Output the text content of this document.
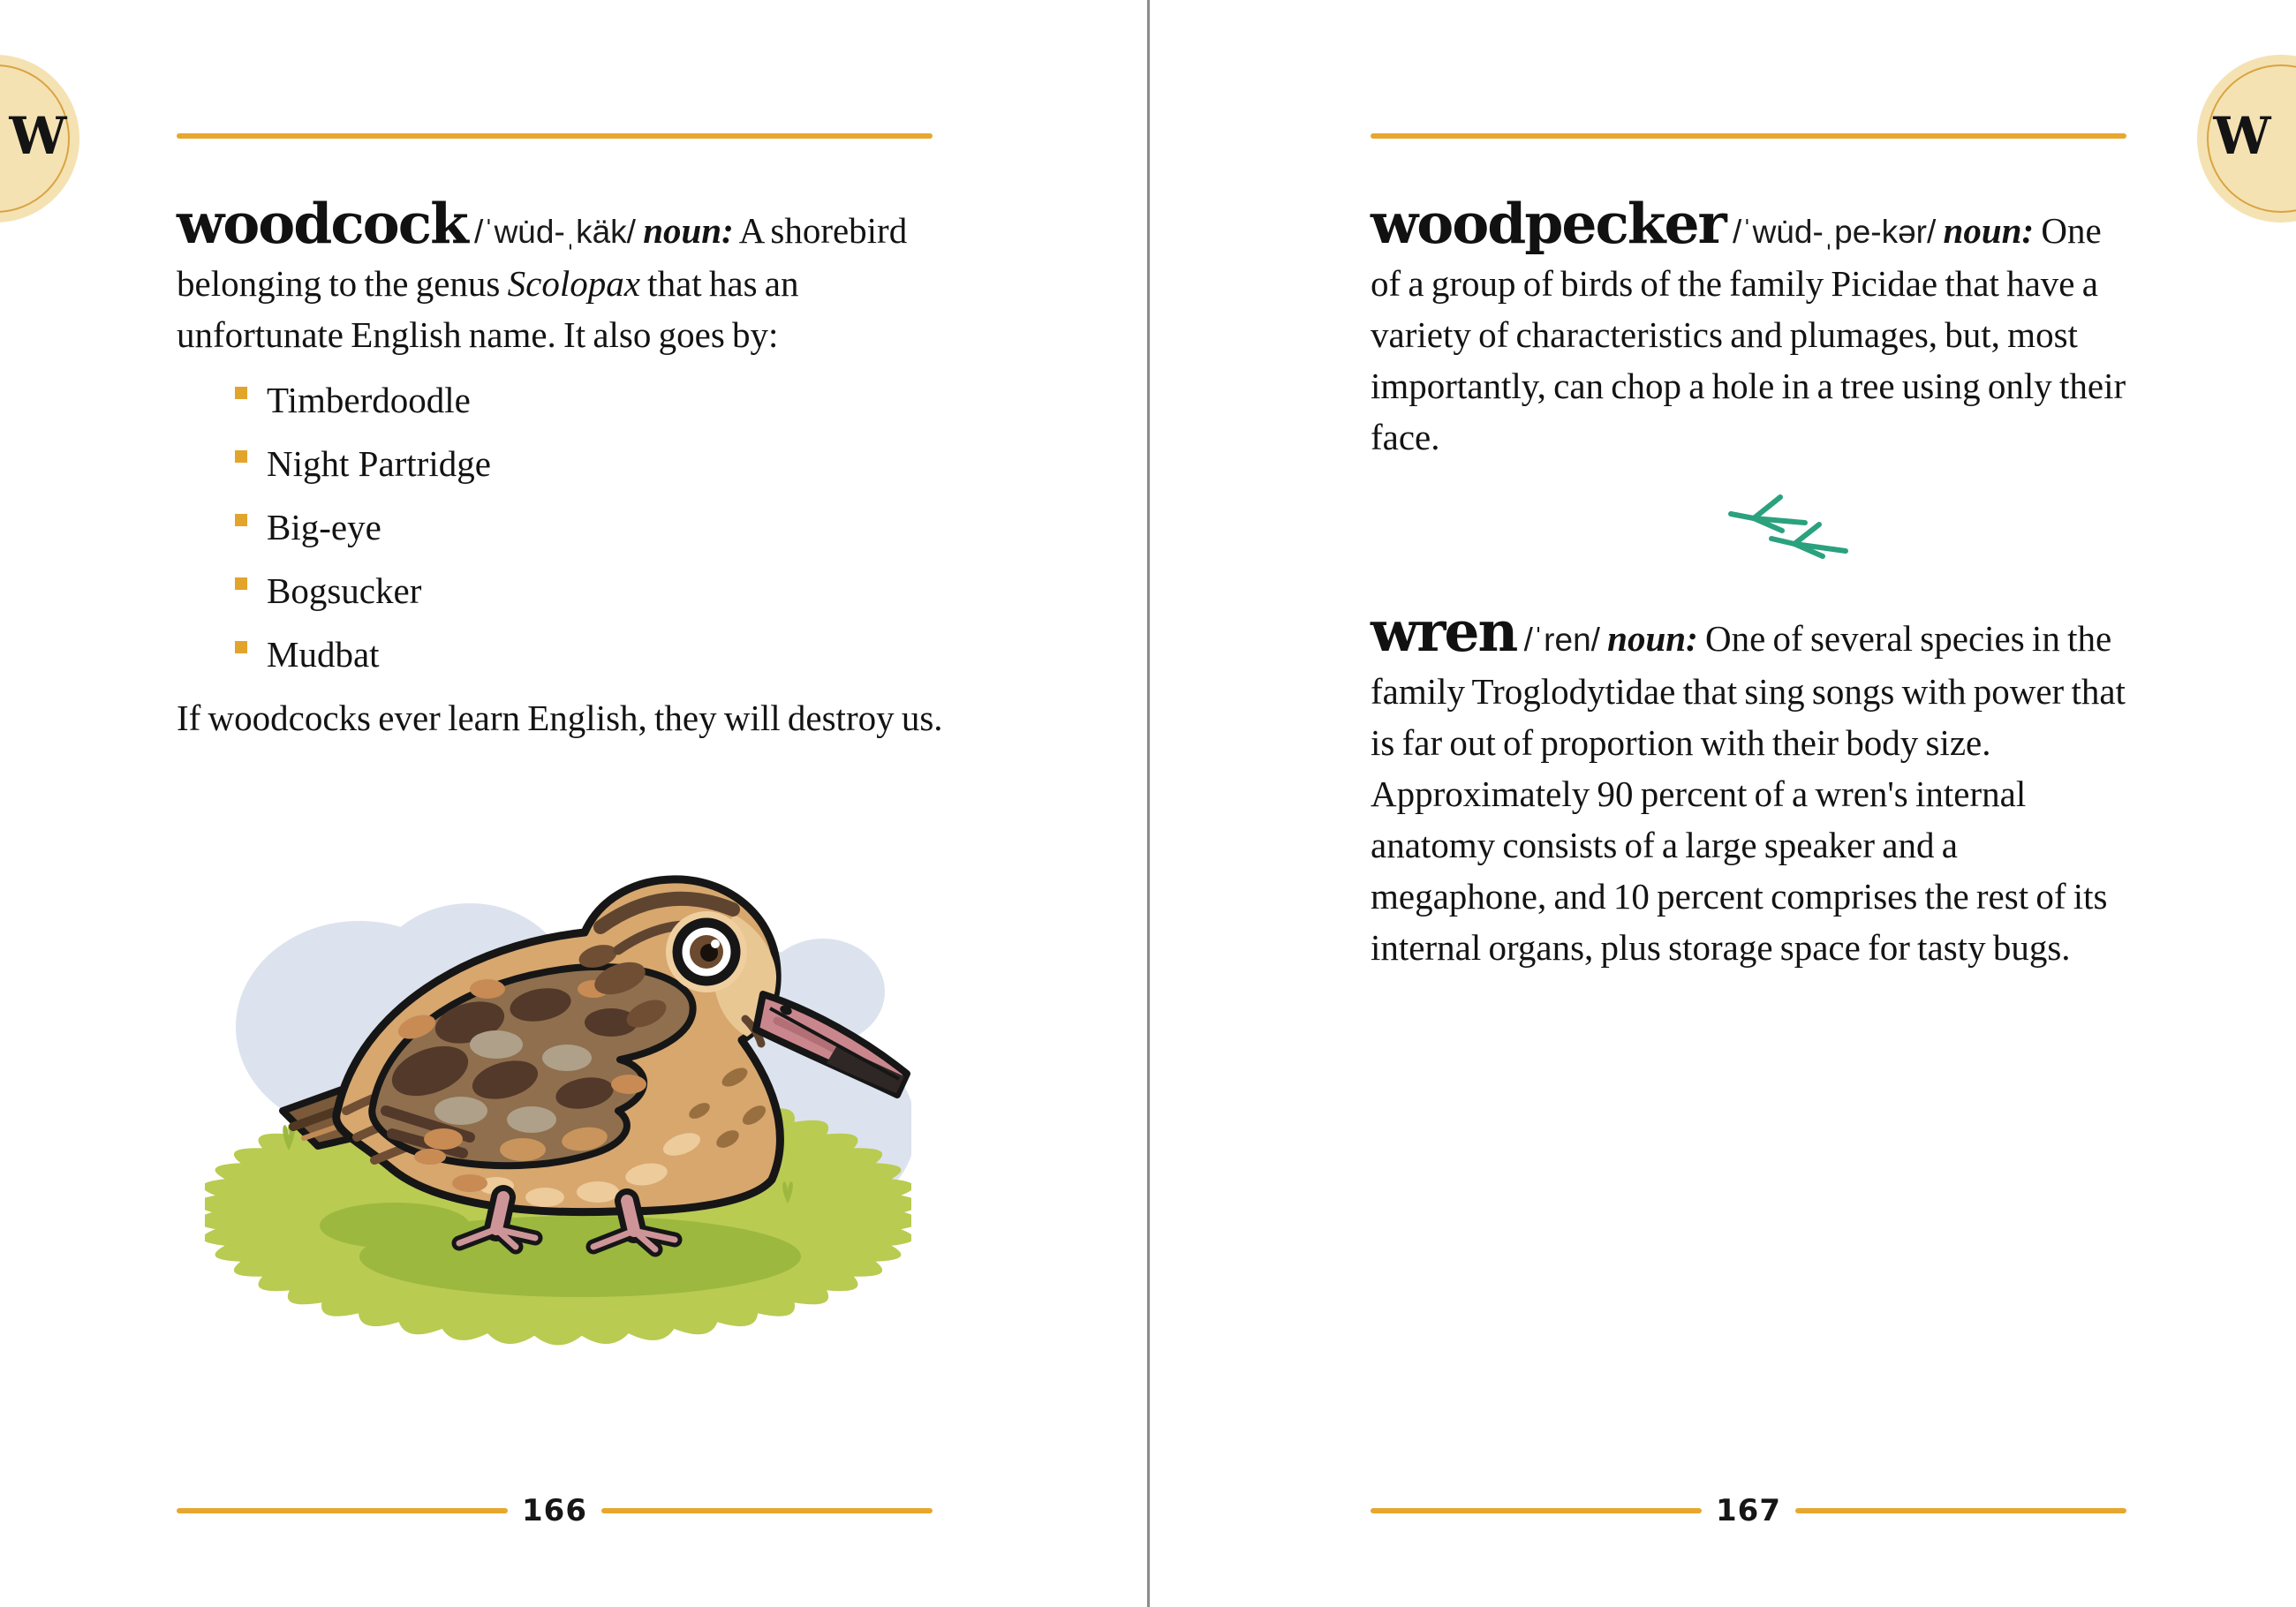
W

woodcock /ˈwu̇d-ˌkäk/ noun: A shorebird belonging to the genus Scolopax that has an unfortunate English name. It also goes by:

Timberdoodle
Night Partridge
Big-eye
Bogsucker
Mudbat

If woodcocks ever learn English, they will destroy us.

166
W

woodpecker /ˈwu̇d-ˌpe-kər/ noun: One of a group of birds of the family Picidae that have a variety of characteristics and plumages, but, most importantly, can chop a hole in a tree using only their face.

wren /ˈren/ noun: One of several species in the family Troglodytidae that sing songs with power that is far out of proportion with their body size. Approximately 90 percent of a wren's internal anatomy consists of a large speaker and a megaphone, and 10 percent comprises the rest of its internal organs, plus storage space for tasty bugs.

167
